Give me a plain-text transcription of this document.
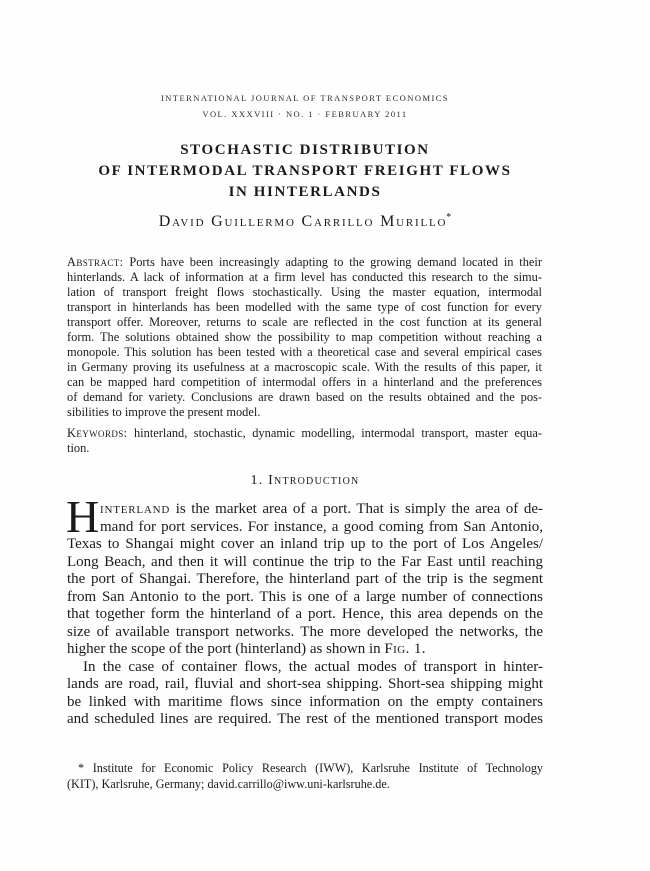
INTERNATIONAL JOURNAL OF TRANSPORT ECONOMICS
VOL. XXXVIII · NO. 1 · FEBRUARY 2011
STOCHASTIC DISTRIBUTION
OF INTERMODAL TRANSPORT FREIGHT FLOWS
IN HINTERLANDS
David Guillermo Carrillo Murillo*
Abstract: Ports have been increasingly adapting to the growing demand located in their
hinterlands. A lack of information at a firm level has conducted this research to the simu-
lation of transport freight flows stochastically. Using the master equation, intermodal
transport in hinterlands has been modelled with the same type of cost function for every
transport offer. Moreover, returns to scale are reflected in the cost function at its general
form. The solutions obtained show the possibility to map competition without reaching a
monopole. This solution has been tested with a theoretical case and several empirical cases
in Germany proving its usefulness at a macroscopic scale. With the results of this paper, it
can be mapped hard competition of intermodal offers in a hinterland and the preferences
of demand for variety. Conclusions are drawn based on the results obtained and the pos-
sibilities to improve the present model.
Keywords: hinterland, stochastic, dynamic modelling, intermodal transport, master equa-
tion.
1. Introduction
H interland is the market area of a port. That is simply the area of de-
mand for port services. For instance, a good coming from San Antonio,
Texas to Shangai might cover an inland trip up to the port of Los Angeles/
Long Beach, and then it will continue the trip to the Far East until reaching
the port of Shangai. Therefore, the hinterland part of the trip is the segment
from San Antonio to the port. This is one of a large number of connections
that together form the hinterland of a port. Hence, this area depends on the
size of available transport networks. The more developed the networks, the
higher the scope of the port (hinterland) as shown in Fig. 1.
In the case of container flows, the actual modes of transport in hinter-
lands are road, rail, fluvial and short-sea shipping. Short-sea shipping might
be linked with maritime flows since information on the empty containers
and scheduled lines are required. The rest of the mentioned transport modes
* Institute for Economic Policy Research (IWW), Karlsruhe Institute of Technology
(KIT), Karlsruhe, Germany; david.carrillo@iww.uni-karlsruhe.de.
